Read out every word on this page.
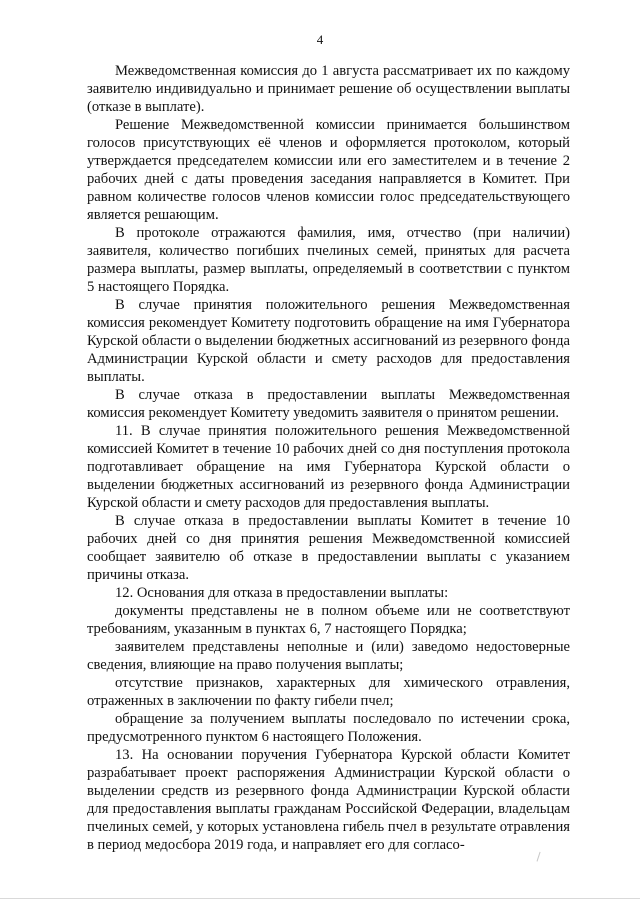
4

Межведомственная комиссия до 1 августа рассматривает их по каждому заявителю индивидуально и принимает решение об осуществлении выплаты (отказе в выплате).

Решение Межведомственной комиссии принимается большинством голосов присутствующих её членов и оформляется протоколом, который утверждается председателем комиссии или его заместителем и в течение 2 рабочих дней с даты проведения заседания направляется в Комитет. При равном количестве голосов членов комиссии голос председательствующего является решающим.

В протоколе отражаются фамилия, имя, отчество (при наличии) заявителя, количество погибших пчелиных семей, принятых для расчета размера выплаты, размер выплаты, определяемый в соответствии с пунктом 5 настоящего Порядка.

В случае принятия положительного решения Межведомственная комиссия рекомендует Комитету подготовить обращение на имя Губернатора Курской области о выделении бюджетных ассигнований из резервного фонда Администрации Курской области и смету расходов для предоставления выплаты.

В случае отказа в предоставлении выплаты Межведомственная комиссия рекомендует Комитету уведомить заявителя о принятом решении.

11. В случае принятия положительного решения Межведомственной комиссией Комитет в течение 10 рабочих дней со дня поступления протокола подготавливает обращение на имя Губернатора Курской области о выделении бюджетных ассигнований из резервного фонда Администрации Курской области и смету расходов для предоставления выплаты.

В случае отказа в предоставлении выплаты Комитет в течение 10 рабочих дней со дня принятия решения Межведомственной комиссией сообщает заявителю об отказе в предоставлении выплаты с указанием причины отказа.

12. Основания для отказа в предоставлении выплаты:

документы представлены не в полном объеме или не соответствуют требованиям, указанным в пунктах 6, 7 настоящего Порядка;

заявителем представлены неполные и (или) заведомо недостоверные сведения, влияющие на право получения выплаты;

отсутствие признаков, характерных для химического отравления, отраженных в заключении по факту гибели пчел;

обращение за получением выплаты последовало по истечении срока, предусмотренного пунктом 6 настоящего Положения.

13. На основании поручения Губернатора Курской области Комитет разрабатывает проект распоряжения Администрации Курской области о выделении средств из резервного фонда Администрации Курской области для предоставления выплаты гражданам Российской Федерации, владельцам пчелиных семей, у которых установлена гибель пчел в результате отравления в период медосбора 2019 года, и направляет его для согласо-
